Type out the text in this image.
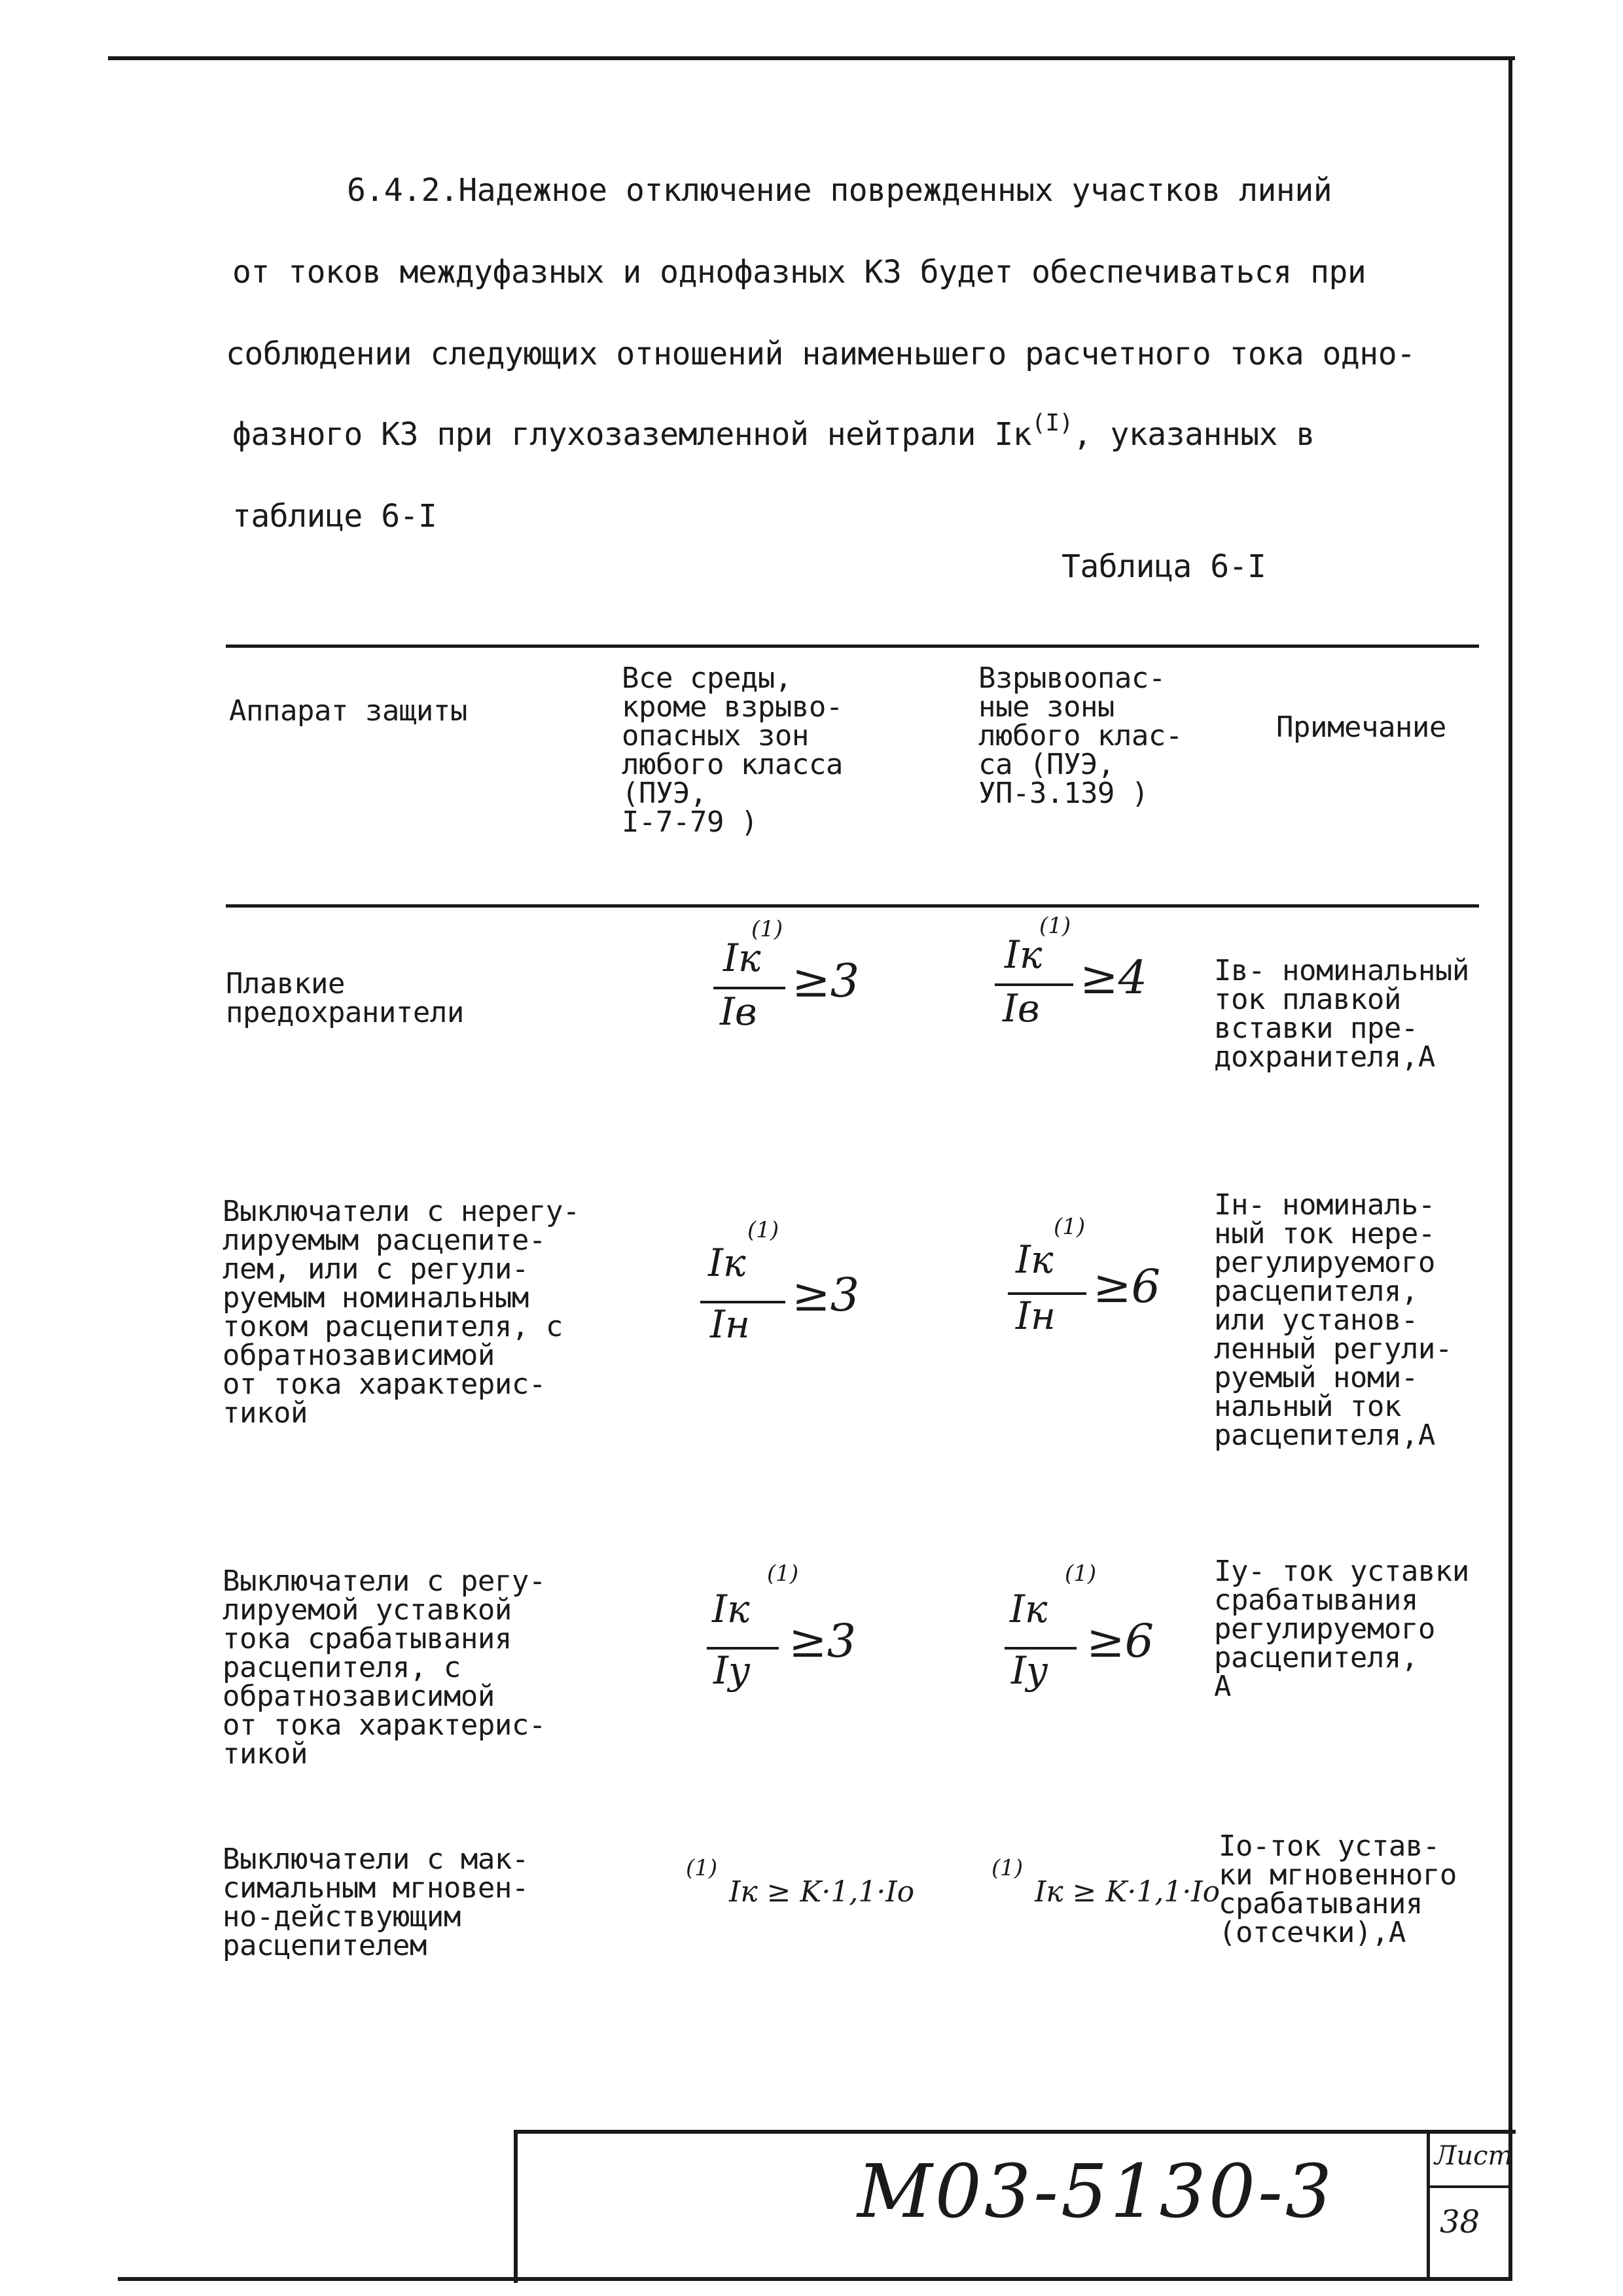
6.4.2.Надежное отключение поврежденных участков линий
от токов междуфазных и однофазных КЗ будет обеспечиваться при
соблюдении следующих отношений наименьшего расчетного тока одно-
фазного КЗ при глухозаземленной нейтрали $Iк^{(I)}$, указанных в
таблице 6-I
Таблица 6-I
Аппарат защиты
Все среды,
кроме взрыво-
опасных зон
любого класса
(ПУЭ,
I-7-79 )
Взрывоопас-
ные зоны
любого клас-
са (ПУЭ,
УП-3.139 )
Примечание
Плавкие
предохранители
(1)
Iк
Iв
≥3
(1)
Iк
Iв
≥4 Iв- номинальный
ток плавкой
вставки пре-
дохранителя,А
Выключатели с нерегу-
лируемым расцепите-
лем, или с регули-
руемым номинальным
током расцепителя, с
обратнозависимой
от тока характерис-
тикой
(1)
Iк
Iн
≥3
(1)
Iк
Iн
≥6
Iн- номиналь-
ный ток нере-
регулируемого
расцепителя,
или установ-
ленный регули-
руемый номи-
нальный ток
расцепителя,А
Выключатели с регу-
лируемой уставкой
тока срабатывания
расцепителя, с
обратнозависимой
от тока характерис-
тикой
(1)
Iк
Iу
≥3
(1)
Iк
Iу
≥6
Iу- ток уставки
срабатывания
регулируемого
расцепителя,
А
Выключатели с мак-
симальным мгновен-
но-действующим
расцепителем
$^{(1)}$ Iк ≥ K·1,1·Io
$^{(1)}$ Iк ≥ K·1,1·Io
Io-ток устав-
ки мгновенного
срабатывания
(отсечки),А
М03-5130-3	Лист
38
